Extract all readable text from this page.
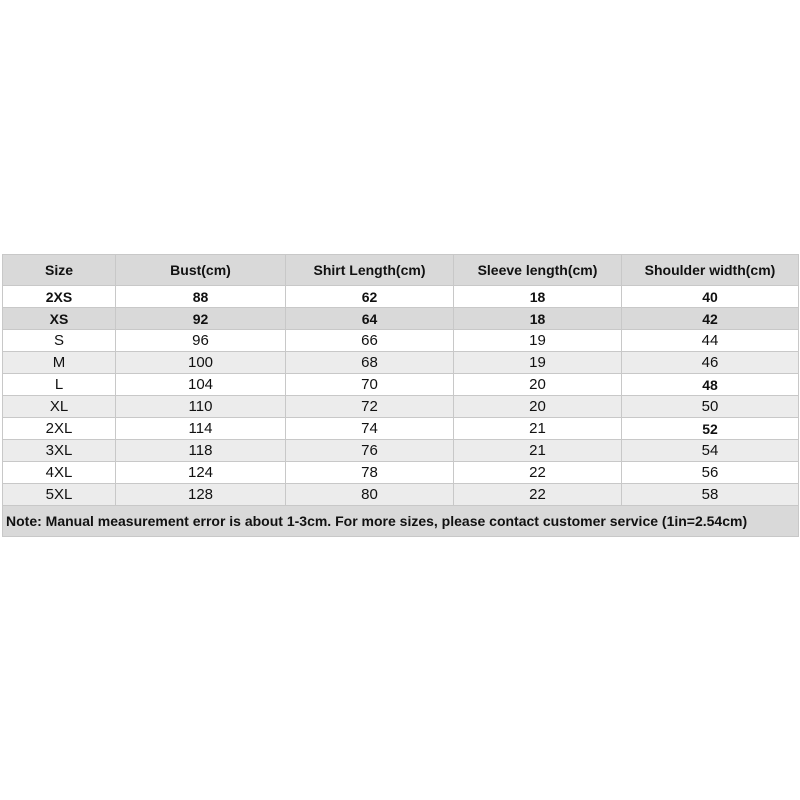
Size	Bust(cm)	Shirt Length(cm)	Sleeve length(cm)	Shoulder width(cm)
2XS	88	62	18	40
XS	92	64	18	42
S	96	66	19	44
M	100	68	19	46
L	104	70	20	48
XL	110	72	20	50
2XL	114	74	21	52
3XL	118	76	21	54
4XL	124	78	22	56
5XL	128	80	22	58
Note: Manual measurement error is about 1-3cm. For more sizes, please contact customer service (1in=2.54cm)				
